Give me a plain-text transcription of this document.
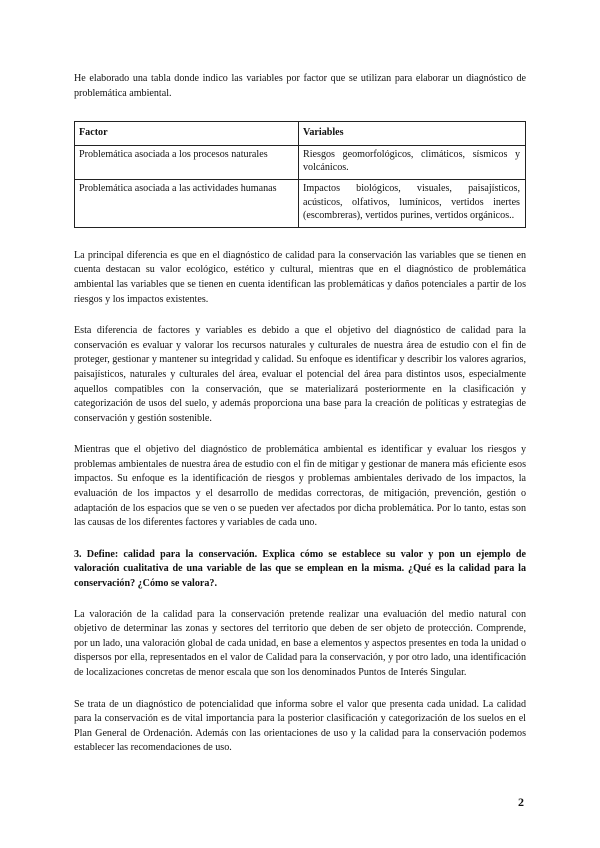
He elaborado una tabla donde indico las variables por factor que se utilizan para elaborar un diagnóstico de problemática ambiental.

Factor	Variables
Problemática asociada a los procesos naturales	Riesgos geomorfológicos, climáticos, sísmicos y volcánicos.
Problemática asociada a las actividades humanas	Impactos biológicos, visuales, paisajísticos, acústicos, olfativos, lumínicos, vertidos inertes (escombreras), vertidos purines, vertidos orgánicos..

La principal diferencia es que en el diagnóstico de calidad para la conservación las variables que se tienen en cuenta destacan su valor ecológico, estético y cultural, mientras que en el diagnóstico de problemática ambiental las variables que se tienen en cuenta identifican las problemáticas y daños potenciales a partir de los riesgos y los impactos existentes.

Esta diferencia de factores y variables es debido a que el objetivo del diagnóstico de calidad para la conservación es evaluar y valorar los recursos naturales y culturales de nuestra área de estudio con el fin de proteger, gestionar y mantener su integridad y calidad. Su enfoque es identificar y describir los valores agrarios, paisajísticos, naturales y culturales del área, evaluar el potencial del área para distintos usos, especialmente aquellos compatibles con la conservación, que se materializará posteriormente en la clasificación y categorización de usos del suelo, y además proporciona una base para la creación de políticas y estrategias de conservación y gestión sostenible.

Mientras que el objetivo del diagnóstico de problemática ambiental es identificar y evaluar los riesgos y problemas ambientales de nuestra área de estudio con el fin de mitigar y gestionar de manera más eficiente esos impactos. Su enfoque es la identificación de riesgos y problemas ambientales derivado de los impactos, la evaluación de los impactos y el desarrollo de medidas correctoras, de mitigación, prevención, gestión o adaptación de los espacios que se ven o se pueden ver afectados por dicha problemática. Por lo tanto, estas son las causas de los diferentes factores y variables de cada uno.

3. Define: calidad para la conservación. Explica cómo se establece su valor y pon un ejemplo de valoración cualitativa de una variable de las que se emplean en la misma. ¿Qué es la calidad para la conservación? ¿Cómo se valora?.

La valoración de la calidad para la conservación pretende realizar una evaluación del medio natural con objetivo de determinar las zonas y sectores del territorio que deben de ser objeto de protección. Comprende, por un lado, una valoración global de cada unidad, en base a elementos y aspectos presentes en toda la unidad o dispersos por ella, representados en el valor de Calidad para la conservación, y por otro lado, una identificación de localizaciones concretas de menor escala que son los denominados Puntos de Interés Singular.

Se trata de un diagnóstico de potencialidad que informa sobre el valor que presenta cada unidad. La calidad para la conservación es de vital importancia para la posterior clasificación y categorización de los suelos en el Plan General de Ordenación. Además con las orientaciones de uso y la calidad para la conservación podemos establecer las recomendaciones de uso.

2
